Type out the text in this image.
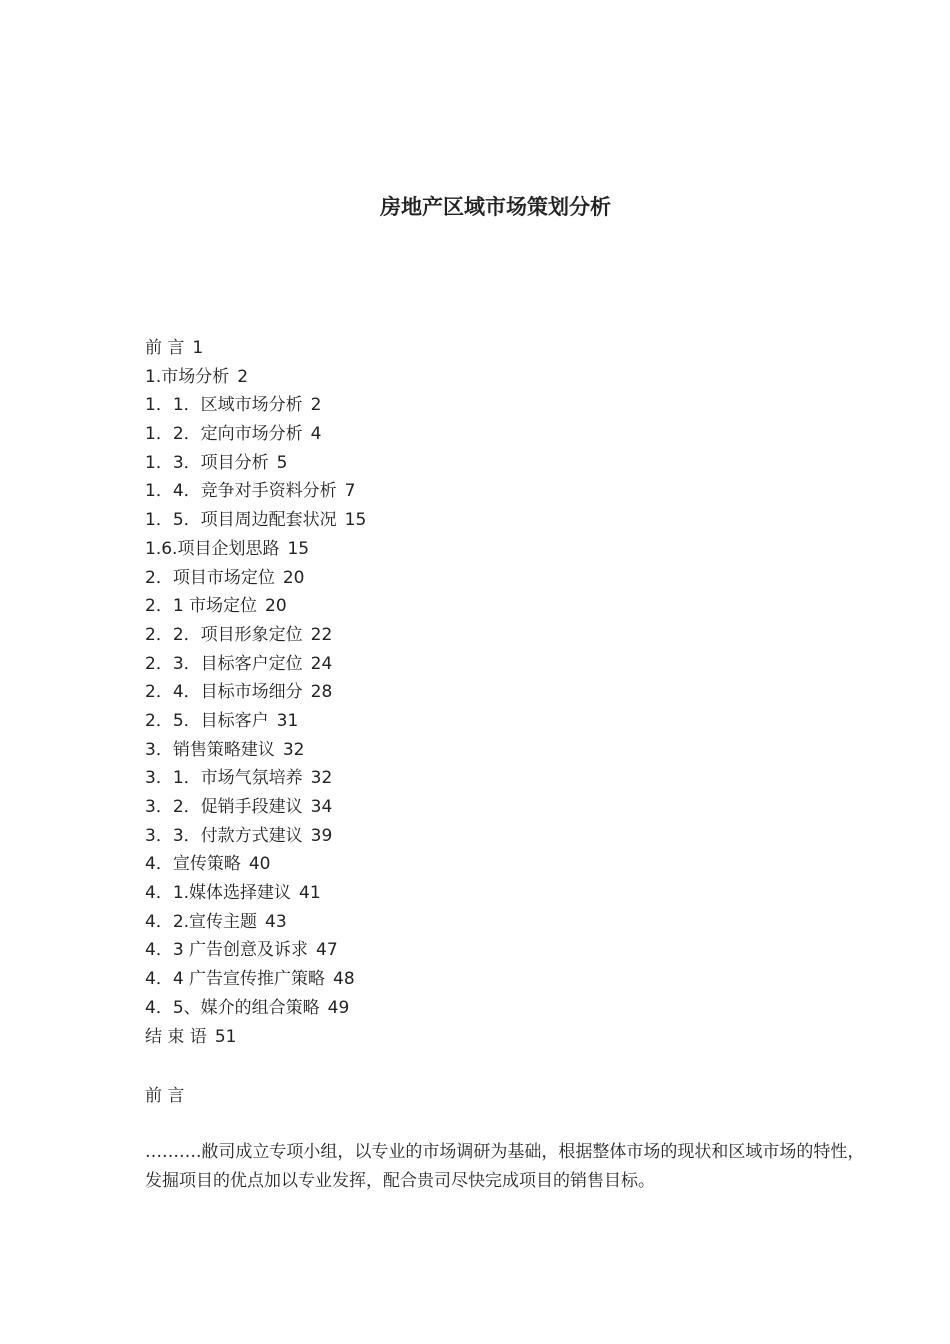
房地产区域市场策划分析
前 言 1
1.市场分析 2
1．1．区域市场分析 2
1．2．定向市场分析 4
1．3．项目分析 5
1．4．竞争对手资料分析 7
1．5．项目周边配套状况 15
1.6.项目企划思路 15
2．项目市场定位 20
2．1 市场定位 20
2．2．项目形象定位 22
2．3．目标客户定位 24
2．4．目标市场细分 28
2．5．目标客户 31
3．销售策略建议 32
3．1．市场气氛培养 32
3．2．促销手段建议 34
3．3．付款方式建议 39
4．宣传策略 40
4．1.媒体选择建议 41
4．2.宣传主题 43
4．3 广告创意及诉求 47
4．4 广告宣传推广策略 48
4．5、媒介的组合策略 49
结 束 语 51
前 言

……….敝司成立专项小组，以专业的市场调研为基础，根据整体市场的现状和区域市场的特性，发掘项目的优点加以专业发挥，配合贵司尽快完成项目的销售目标。
